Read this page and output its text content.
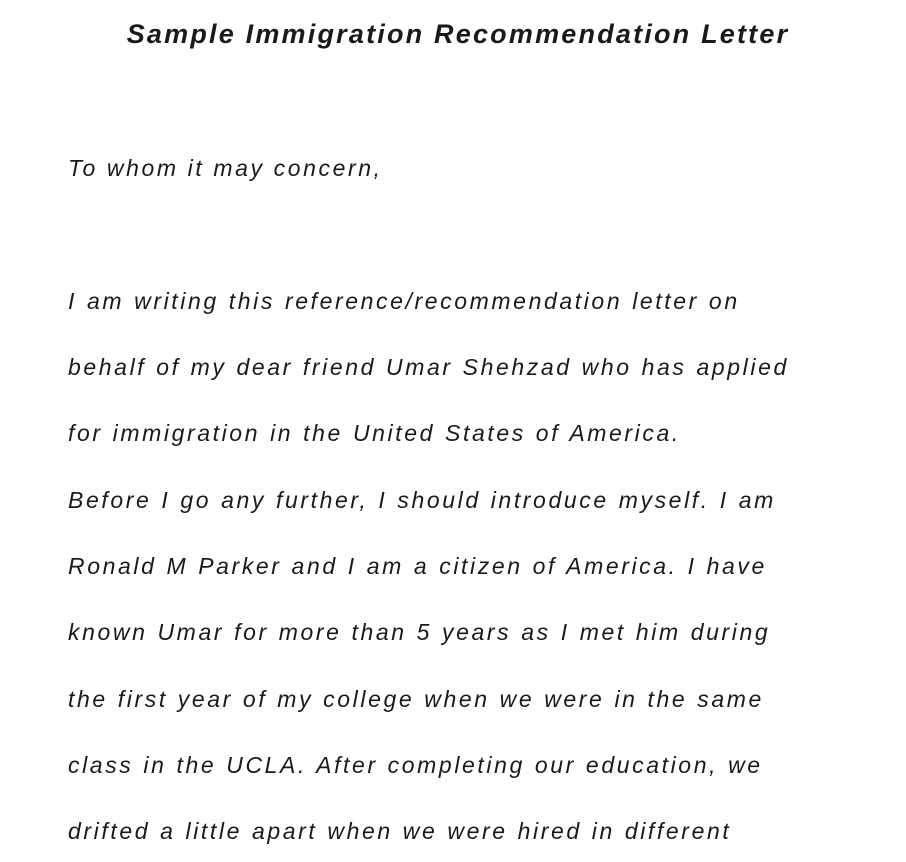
Sample Immigration Recommendation Letter

To whom it may concern,

I am writing this reference/recommendation letter on

behalf of my dear friend Umar Shehzad who has applied

for immigration in the United States of America.

Before I go any further, I should introduce myself. I am

Ronald M Parker and I am a citizen of America. I have

known Umar for more than 5 years as I met him during

the first year of my college when we were in the same

class in the UCLA. After completing our education, we

drifted a little apart when we were hired in different
